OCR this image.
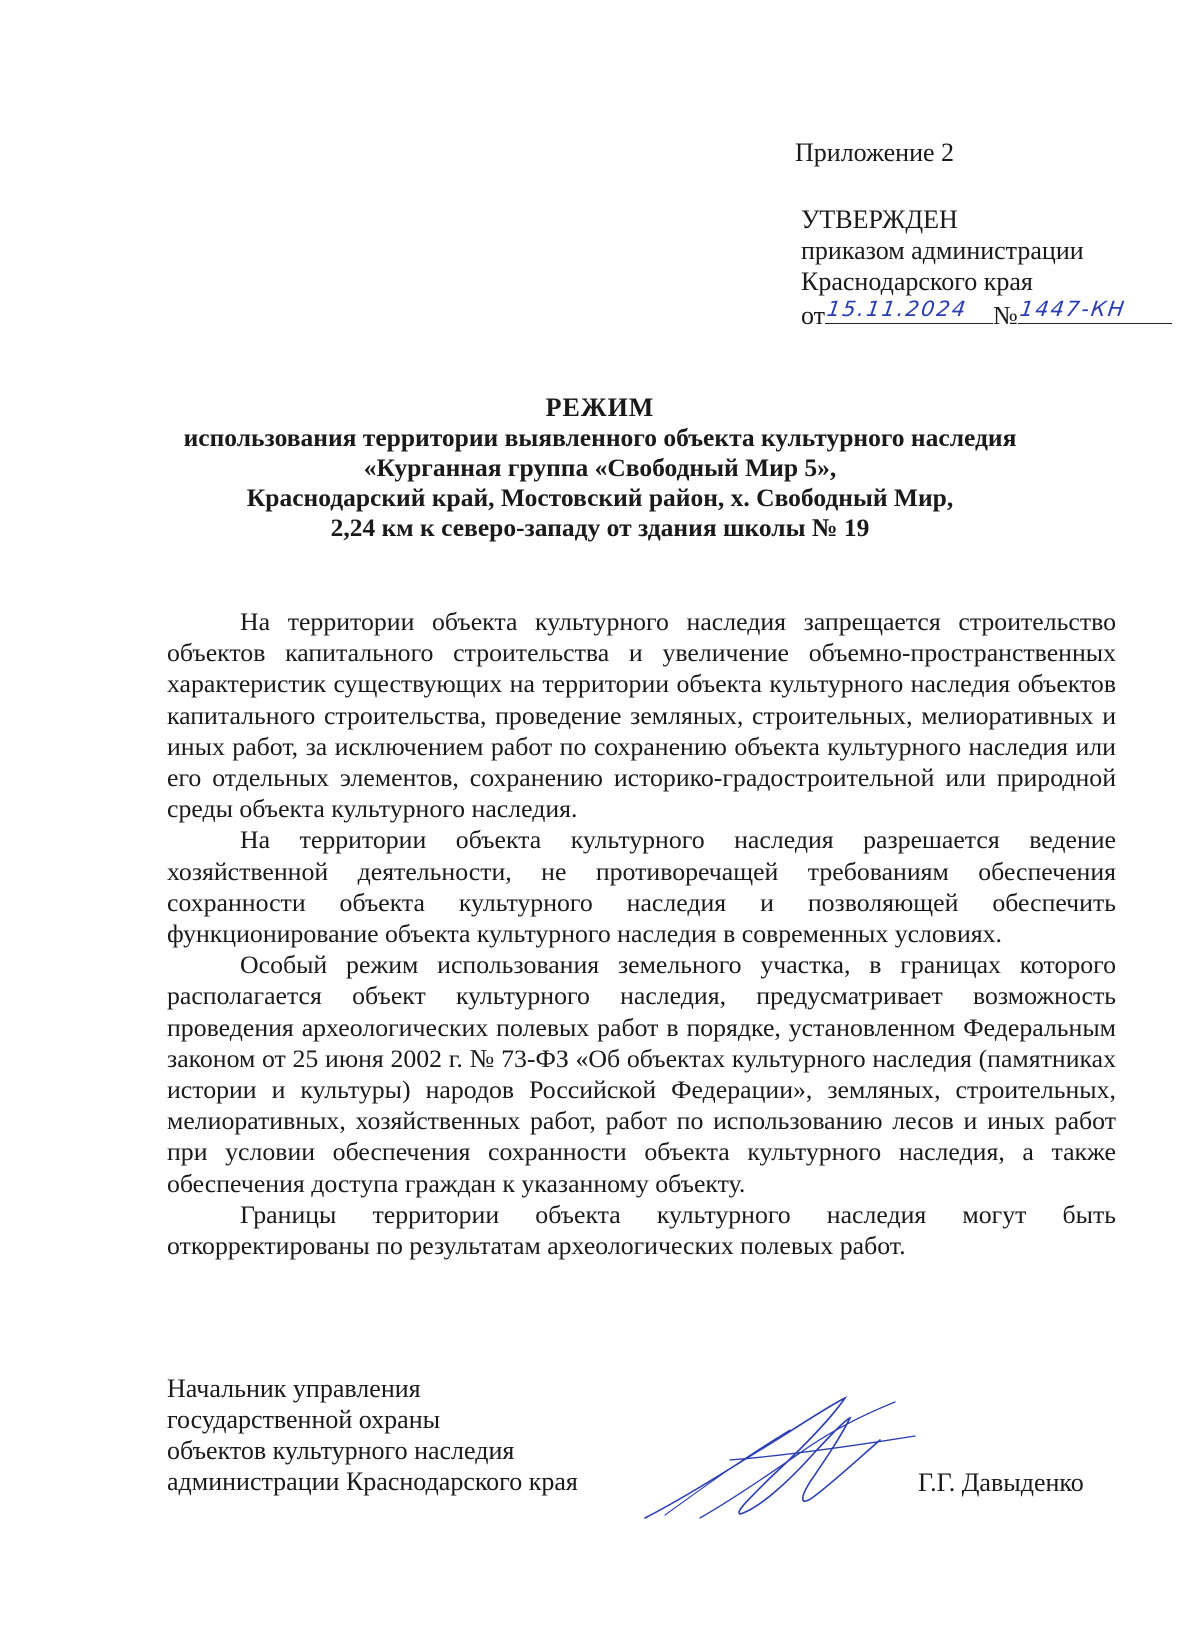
Приложение 2
УТВЕРЖДЕН
приказом администрации
Краснодарского края
от 15.11.2024 № 1447-КН
РЕЖИМ
использования территории выявленного объекта культурного наследия
«Курганная группа «Свободный Мир 5»,
Краснодарский край, Мостовский район, х. Свободный Мир,
2,24 км к северо-западу от здания школы № 19

На территории объекта культурного наследия запрещается строительство объектов капитального строительства и увеличение объемно-пространственных характеристик существующих на территории объекта культурного наследия объектов капитального строительства, проведение земляных, строительных, мелиоративных и иных работ, за исключением работ по сохранению объекта культурного наследия или его отдельных элементов, сохранению историко-градостроительной или природной среды объекта культурного наследия.

На территории объекта культурного наследия разрешается ведение хозяйственной деятельности, не противоречащей требованиям обеспечения сохранности объекта культурного наследия и позволяющей обеспечить функционирование объекта культурного наследия в современных условиях.

Особый режим использования земельного участка, в границах которого располагается объект культурного наследия, предусматривает возможность проведения археологических полевых работ в порядке, установленном Федеральным законом от 25 июня 2002 г. № 73-ФЗ «Об объектах культурного наследия (памятниках истории и культуры) народов Российской Федерации», земляных, строительных, мелиоративных, хозяйственных работ, работ по использованию лесов и иных работ при условии обеспечения сохранности объекта культурного наследия, а также обеспечения доступа граждан к указанному объекту.

Границы территории объекта культурного наследия могут быть откорректированы по результатам археологических полевых работ.

Начальник управления
государственной охраны
объектов культурного наследия
администрации Краснодарского края	Г.Г. Давыденко
